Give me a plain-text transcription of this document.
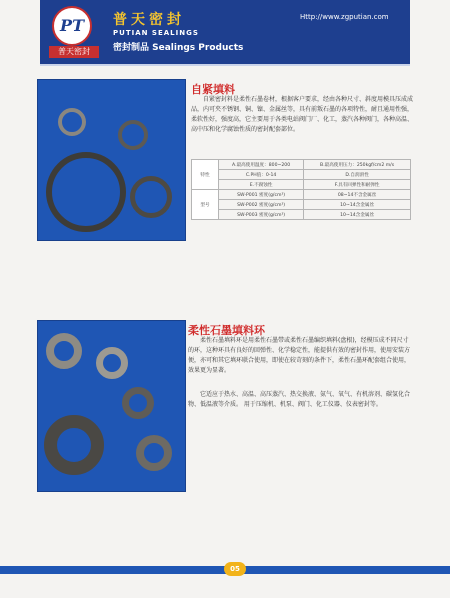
PT
普天密封
普天密封
PUTIAN SEALINGS
密封制品 Sealings Products
Http://www.zgputian.com
自紧填料

自紧密封料是柔性石墨卷材，根据客户要求，经由各种尺寸、斜度用模具压成成品，内可夹不锈钢、铜、镍、金属丝等，具有前叛石墨的各项特性，耐且通用性强，柔软性好，强度高，它主要用于各类电站阀门厂、化工，蒸汽各种阀门，各种高温、高中压和化学腐蚀性质的密封配套部位。

特性	A.最高使用温度：800~200	B.最高使用压力：250kgf/cm2 m/s
	C.PH值：0-14	D.自润滑性
	E.不腐蚀性	F.具有回弹性和耐弹性
型号	SW-P001 密度(g/cm³)	08~14不含金属丝
	SW-P002 密度(g/cm³)	10~14含金属丝
	SW-P003 密度(g/cm³)	10~14含金属丝
柔性石墨填料环

柔性石墨填料环是用柔性石墨带或柔性石墨编织填料(盘根)，经模压成不同尺寸的环，这种环具有良好的回弹性、化学稳定性，能提供有效的密封作用，使用安装方便，亦可和其它填环联合使用，即使在较苛刻的条件下，柔性石墨环配套组合使用，效果更为显著。

它适应于热水、高温、高压蒸汽、热交换液、氨气、氧气、有机溶剂、碳氢化合物、低温液等介质。 用于压缩机、机泵、阀门、化工仪器、仪表密封等。

05
